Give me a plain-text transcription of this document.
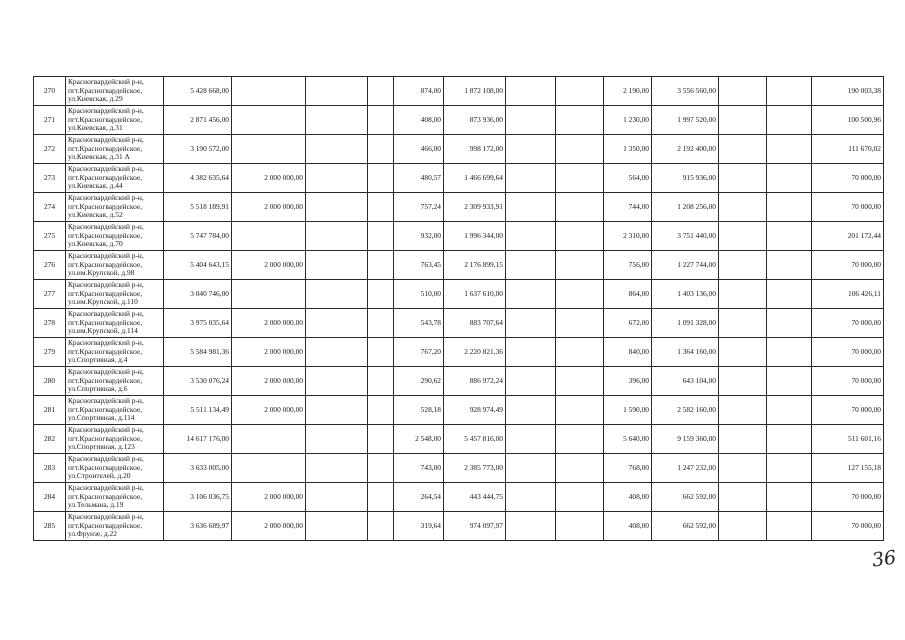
270	Красногвардейский р-н,
пгт.Красногвардейское,
ул.Киевская, д.29	5 428 668,00				874,00	1 872 108,00			2 190,00	3 556 560,00			190 003,38
271	Красногвардейский р-н,
пгт.Красногвардейское,
ул.Киевская, д.31	2 871 456,00				408,00	873 936,00			1 230,00	1 997 520,00			100 500,96
272	Красногвардейский р-н,
пгт.Красногвардейское,
ул.Киевская, д.31 А	3 190 572,00				466,00	998 172,00			1 350,00	2 192 400,00			111 670,02
273	Красногвардейский р-н,
пгт.Красногвардейское,
ул.Киевская, д.44	4 382 635,64	2 000 000,00			480,57	1 466 699,64			564,00	915 936,00			70 000,00
274	Красногвардейский р-н,
пгт.Красногвардейское,
ул.Киевская, д.52	5 518 189,91	2 000 000,00			757,24	2 309 933,91			744,00	1 208 256,00			70 000,00
275	Красногвардейский р-н,
пгт.Красногвардейское,
ул.Киевская, д.70	5 747 784,00				932,00	1 996 344,00			2 310,00	3 751 440,00			201 172,44
276	Красногвардейский р-н,
пгт.Красногвардейское,
ул.им.Крупской, д.98	5 404 643,15	2 000 000,00			763,45	2 176 899,15			756,00	1 227 744,00			70 000,00
277	Красногвардейский р-н,
пгт.Красногвардейское,
ул.им.Крупской, д.110	3 040 746,00				510,00	1 637 610,00			864,00	1 403 136,00			106 426,11
278	Красногвардейский р-н,
пгт.Красногвардейское,
ул.им.Крупской, д.114	3 975 035,64	2 000 000,00			543,78	883 707,64			672,00	1 091 328,00			70 000,00
279	Красногвардейский р-н,
пгт.Красногвардейское,
ул.Спортивная, д.4	5 584 981,36	2 000 000,00			767,20	2 220 821,36			840,00	1 364 160,00			70 000,00
280	Красногвардейский р-н,
пгт.Красногвардейское,
ул.Спортивная, д.6	3 530 076,24	2 000 000,00			290,62	886 972,24			396,00	643 104,00			70 000,00
281	Красногвардейский р-н,
пгт.Красногвардейское,
ул.Спортивная, д.114	5 511 134,49	2 000 000,00			528,18	928 974,49			1 590,00	2 582 160,00			70 000,00
282	Красногвардейский р-н,
пгт.Красногвардейское,
ул.Спортивная, д.123	14 617 176,00				2 548,00	5 457 816,00			5 640,00	9 159 360,00			511 601,16
283	Красногвардейский р-н,
пгт.Красногвардейское,
ул.Строителей, д.20	3 633 005,00				743,00	2 385 773,00			768,00	1 247 232,00			127 155,18
284	Красногвардейский р-н,
пгт.Красногвардейское,
ул.Тельмана, д.19	3 106 036,75	2 000 000,00			264,54	443 444,75			408,00	662 592,00			70 000,00
285	Красногвардейский р-н,
пгт.Красногвардейское,
ул.Фрунзе, д.22	3 636 689,97	2 000 000,00			319,64	974 097,97			408,00	662 592,00			70 000,00
36
